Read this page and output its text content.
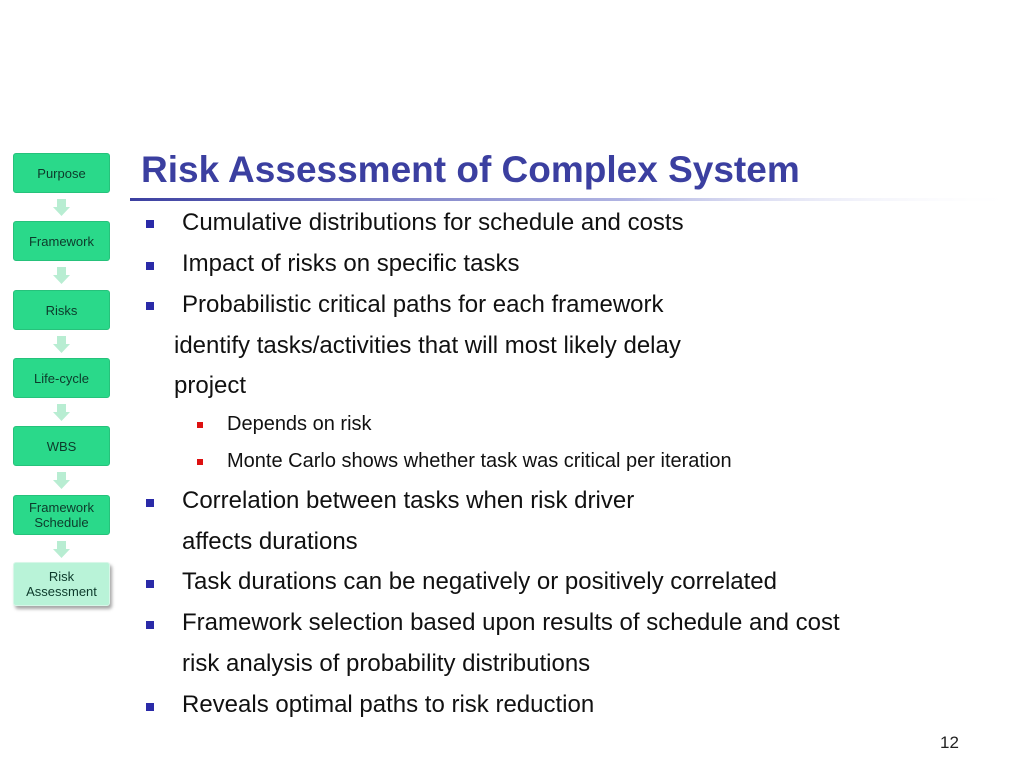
Risk Assessment of Complex System
Purpose
Framework
Risks
Life-cycle
WBS
Framework
Schedule
Risk
Assessment
Cumulative distributions for schedule and costs
Impact of risks on specific tasks
Probabilistic critical paths for each framework
identify tasks/activities that will most likely delay
project
Depends on risk
Monte Carlo shows whether task was critical per iteration
Correlation between tasks when risk driver
affects durations
Task durations can be negatively or positively correlated
Framework selection based upon results of schedule and cost
risk analysis of probability distributions
Reveals optimal paths to risk reduction
12
